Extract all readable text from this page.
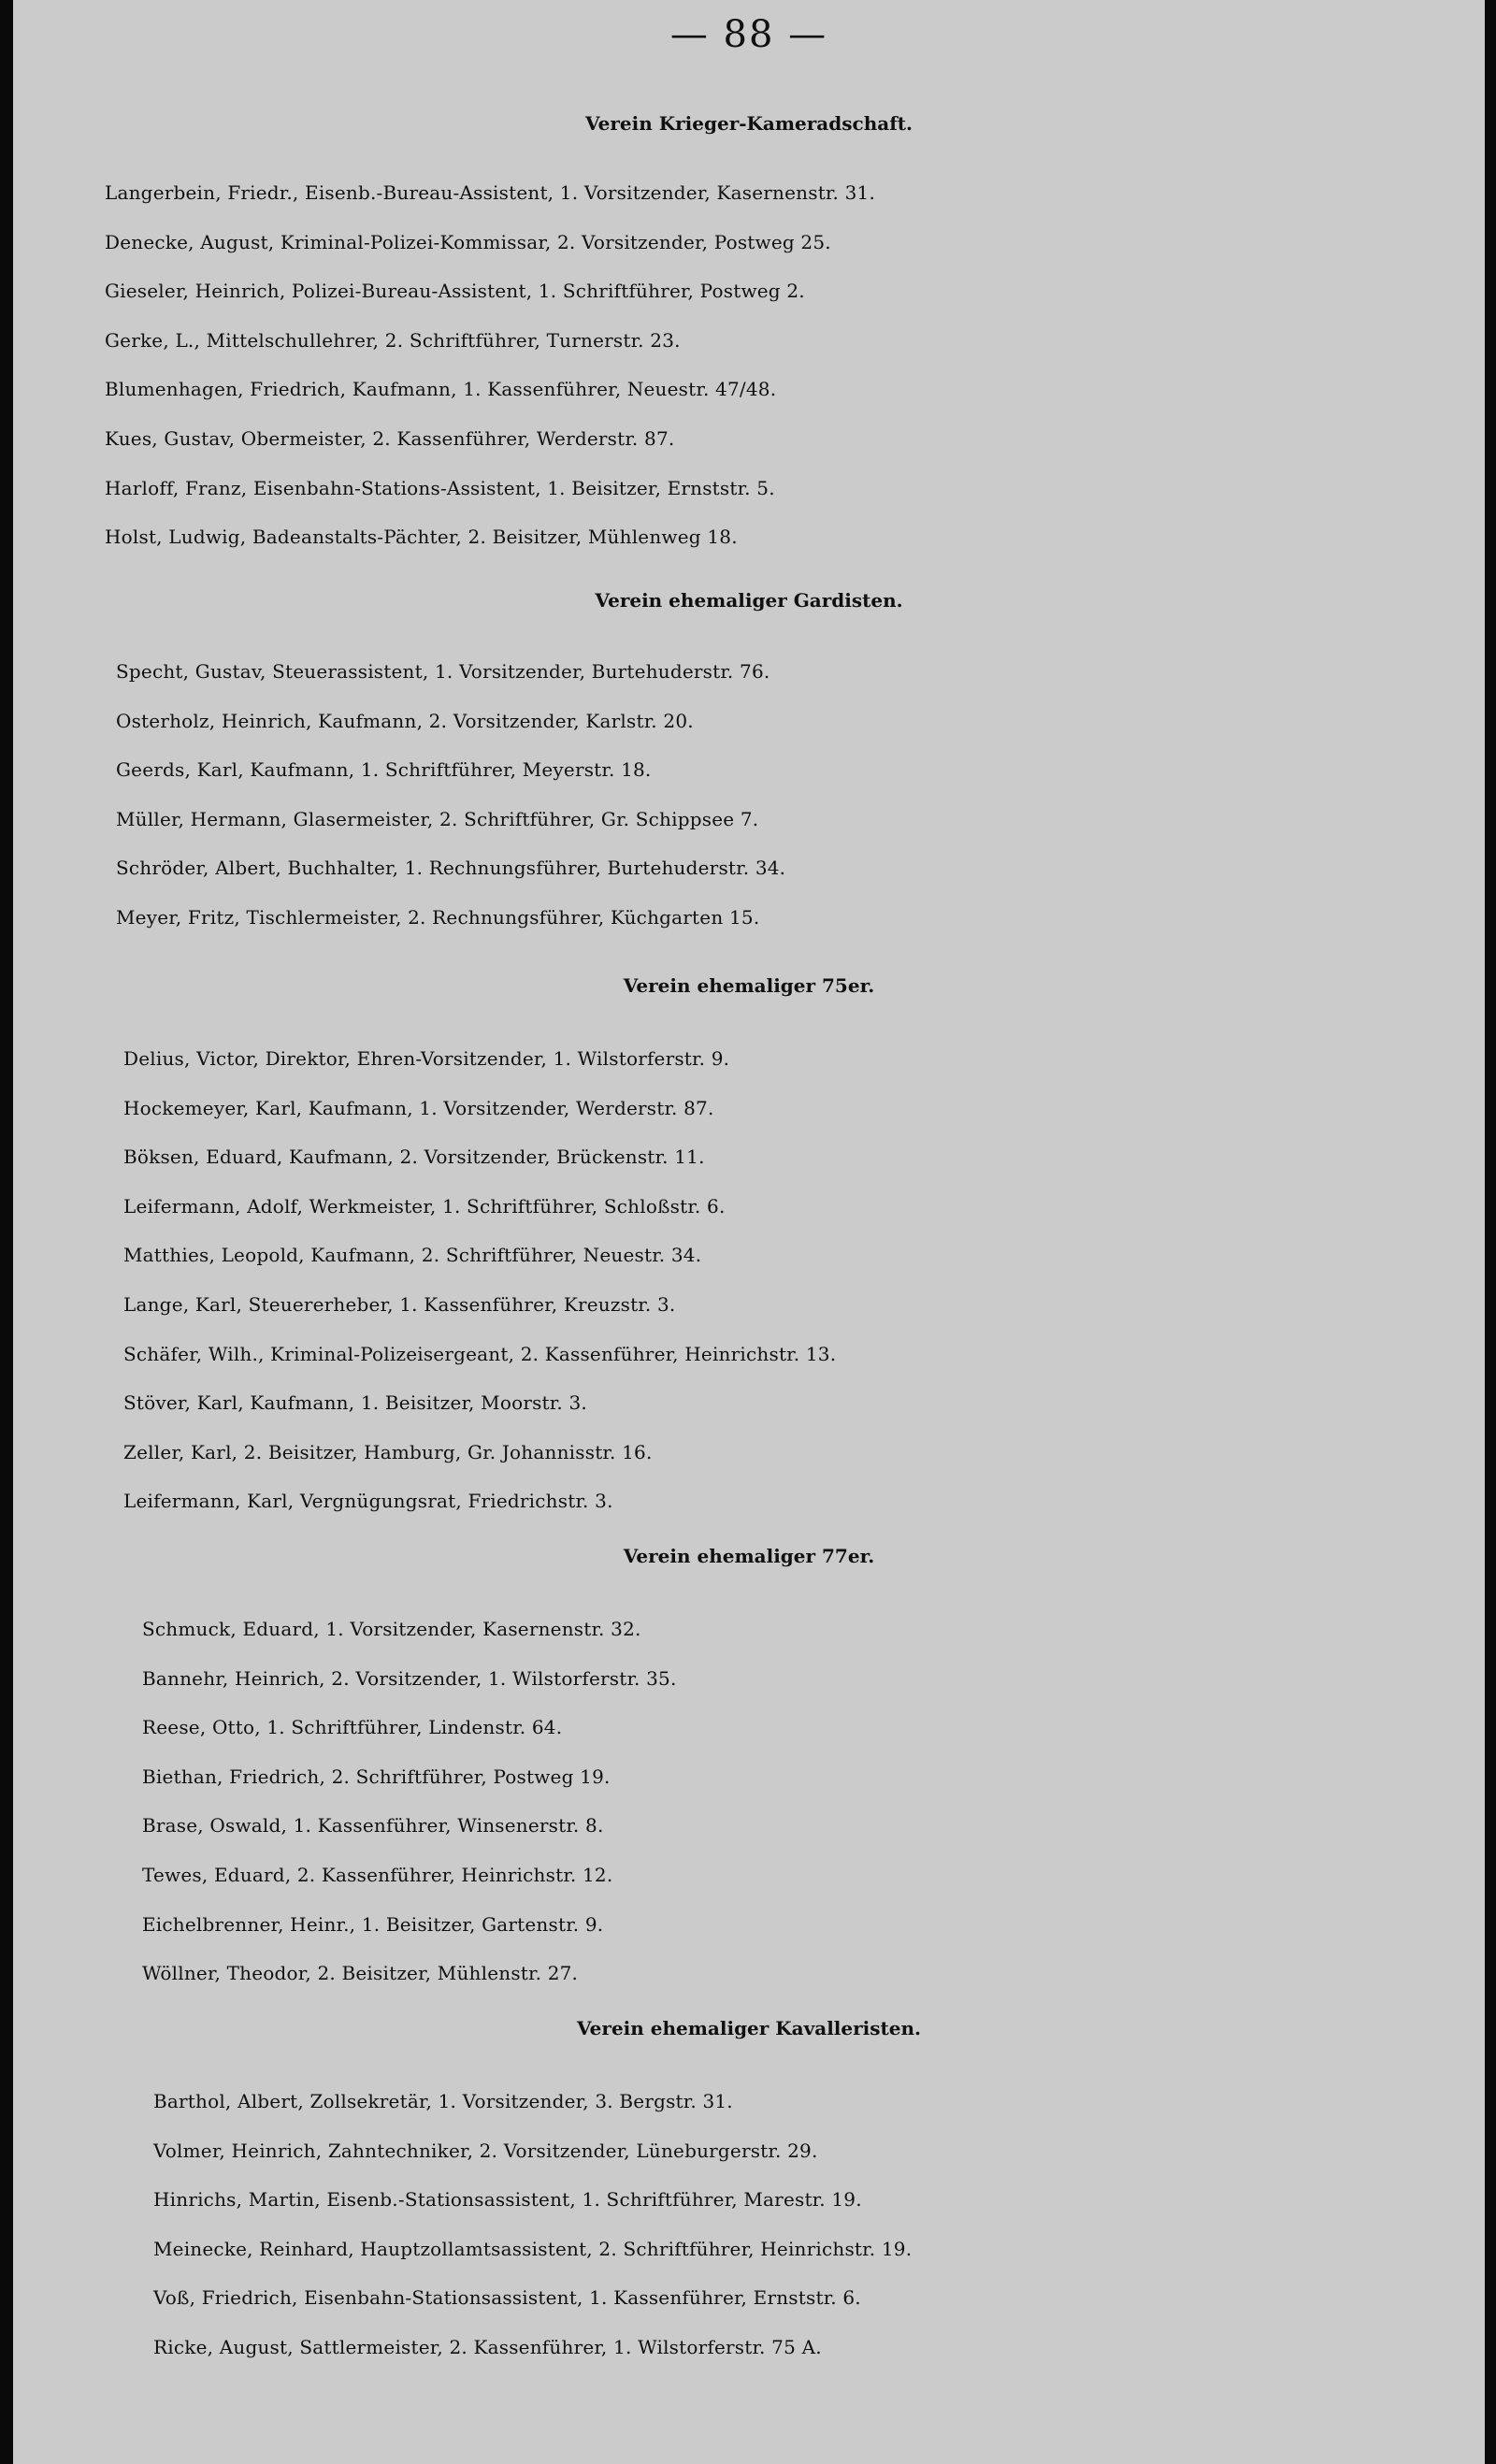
— 88 —
Verein Krieger-Kameradschaft.
Langerbein, Friedr., Eisenb.-Bureau-Assistent, 1. Vorsitzender, Kasernenstr. 31.
Denecke, August, Kriminal-Polizei-Kommissar, 2. Vorsitzender, Postweg 25.
Gieseler, Heinrich, Polizei-Bureau-Assistent, 1. Schriftführer, Postweg 2.
Gerke, L., Mittelschullehrer, 2. Schriftführer, Turnerstr. 23.
Blumenhagen, Friedrich, Kaufmann, 1. Kassenführer, Neuestr. 47/48.
Kues, Gustav, Obermeister, 2. Kassenführer, Werderstr. 87.
Harloff, Franz, Eisenbahn-Stations-Assistent, 1. Beisitzer, Ernststr. 5.
Holst, Ludwig, Badeanstalts-Pächter, 2. Beisitzer, Mühlenweg 18.
Verein ehemaliger Gardisten.
Specht, Gustav, Steuerassistent, 1. Vorsitzender, Burtehuderstr. 76.
Osterholz, Heinrich, Kaufmann, 2. Vorsitzender, Karlstr. 20.
Geerds, Karl, Kaufmann, 1. Schriftführer, Meyerstr. 18.
Müller, Hermann, Glasermeister, 2. Schriftführer, Gr. Schippsee 7.
Schröder, Albert, Buchhalter, 1. Rechnungsführer, Burtehuderstr. 34.
Meyer, Fritz, Tischlermeister, 2. Rechnungsführer, Küchgarten 15.
Verein ehemaliger 75er.
Delius, Victor, Direktor, Ehren-Vorsitzender, 1. Wilstorferstr. 9.
Hockemeyer, Karl, Kaufmann, 1. Vorsitzender, Werderstr. 87.
Böksen, Eduard, Kaufmann, 2. Vorsitzender, Brückenstr. 11.
Leifermann, Adolf, Werkmeister, 1. Schriftführer, Schloßstr. 6.
Matthies, Leopold, Kaufmann, 2. Schriftführer, Neuestr. 34.
Lange, Karl, Steuererheber, 1. Kassenführer, Kreuzstr. 3.
Schäfer, Wilh., Kriminal-Polizeisergeant, 2. Kassenführer, Heinrichstr. 13.
Stöver, Karl, Kaufmann, 1. Beisitzer, Moorstr. 3.
Zeller, Karl, 2. Beisitzer, Hamburg, Gr. Johannisstr. 16.
Leifermann, Karl, Vergnügungsrat, Friedrichstr. 3.
Verein ehemaliger 77er.
Schmuck, Eduard, 1. Vorsitzender, Kasernenstr. 32.
Bannehr, Heinrich, 2. Vorsitzender, 1. Wilstorferstr. 35.
Reese, Otto, 1. Schriftführer, Lindenstr. 64.
Biethan, Friedrich, 2. Schriftführer, Postweg 19.
Brase, Oswald, 1. Kassenführer, Winsenerstr. 8.
Tewes, Eduard, 2. Kassenführer, Heinrichstr. 12.
Eichelbrenner, Heinr., 1. Beisitzer, Gartenstr. 9.
Wöllner, Theodor, 2. Beisitzer, Mühlenstr. 27.
Verein ehemaliger Kavalleristen.
Barthol, Albert, Zollsekretär, 1. Vorsitzender, 3. Bergstr. 31.
Volmer, Heinrich, Zahntechniker, 2. Vorsitzender, Lüneburgerstr. 29.
Hinrichs, Martin, Eisenb.-Stationsassistent, 1. Schriftführer, Marestr. 19.
Meinecke, Reinhard, Hauptzollamtsassistent, 2. Schriftführer, Heinrichstr. 19.
Voß, Friedrich, Eisenbahn-Stationsassistent, 1. Kassenführer, Ernststr. 6.
Ricke, August, Sattlermeister, 2. Kassenführer, 1. Wilstorferstr. 75 A.
